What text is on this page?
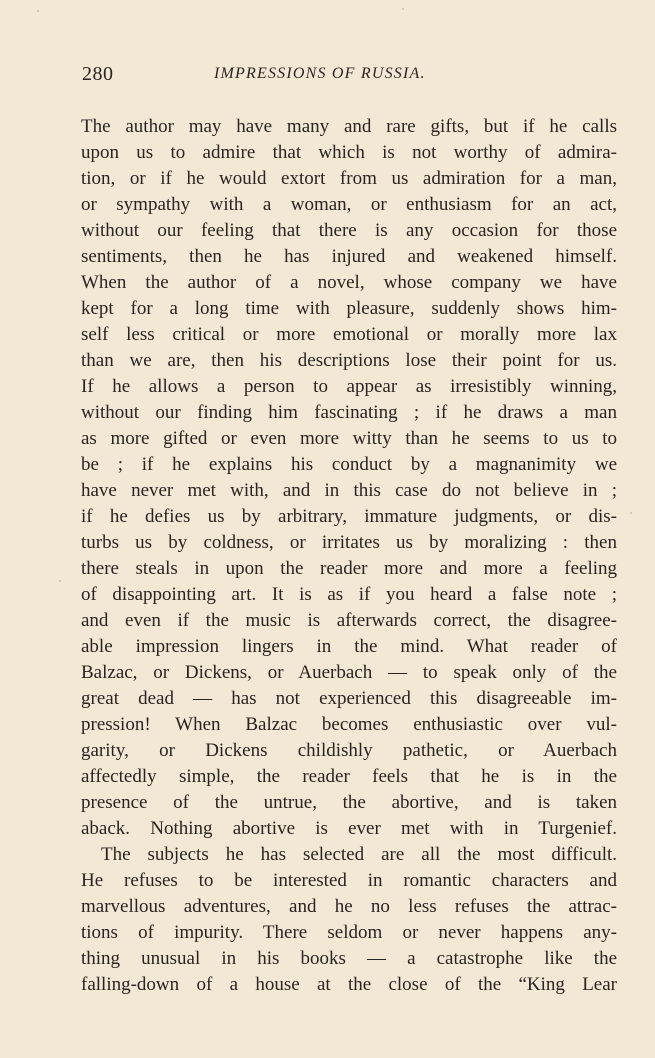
280	IMPRESSIONS OF RUSSIA.
The author may have many and rare gifts, but if he calls
upon us to admire that which is not worthy of admira-
tion, or if he would extort from us admiration for a man,
or sympathy with a woman, or enthusiasm for an act,
without our feeling that there is any occasion for those
sentiments, then he has injured and weakened himself.
When the author of a novel, whose company we have
kept for a long time with pleasure, suddenly shows him-
self less critical or more emotional or morally more lax
than we are, then his descriptions lose their point for us.
If he allows a person to appear as irresistibly winning,
without our finding him fascinating ; if he draws a man
as more gifted or even more witty than he seems to us to
be ; if he explains his conduct by a magnanimity we
have never met with, and in this case do not believe in ;
if he defies us by arbitrary, immature judgments, or dis-
turbs us by coldness, or irritates us by moralizing : then
there steals in upon the reader more and more a feeling
of disappointing art. It is as if you heard a false note ;
and even if the music is afterwards correct, the disagree-
able impression lingers in the mind. What reader of
Balzac, or Dickens, or Auerbach — to speak only of the
great dead — has not experienced this disagreeable im-
pression! When Balzac becomes enthusiastic over vul-
garity, or Dickens childishly pathetic, or Auerbach
affectedly simple, the reader feels that he is in the
presence of the untrue, the abortive, and is taken
aback. Nothing abortive is ever met with in Turgenief.
The subjects he has selected are all the most difficult.
He refuses to be interested in romantic characters and
marvellous adventures, and he no less refuses the attrac-
tions of impurity. There seldom or never happens any-
thing unusual in his books — a catastrophe like the
falling-down of a house at the close of the “King Lear
